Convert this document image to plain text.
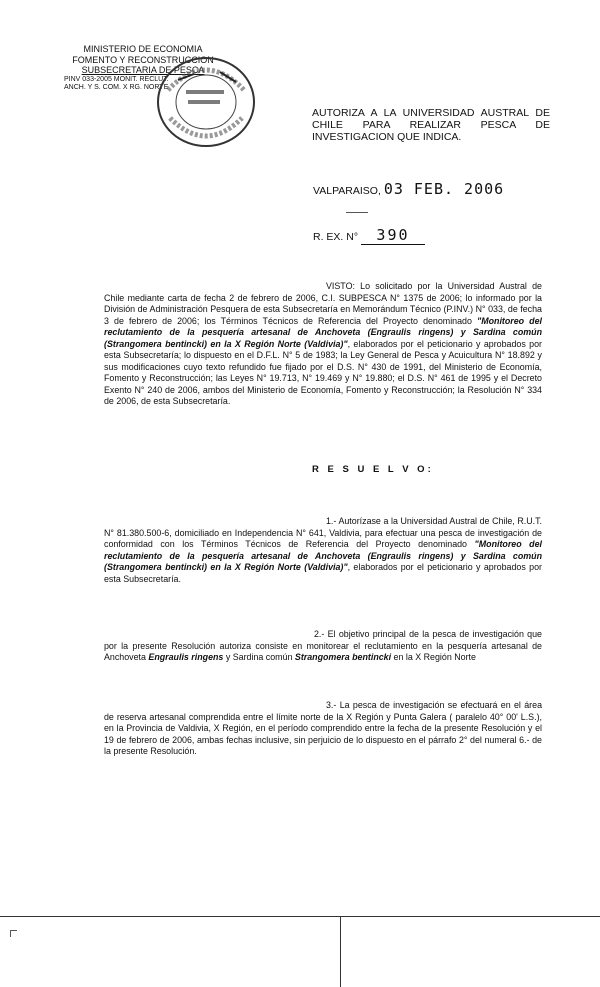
MINISTERIO DE ECONOMIA
FOMENTO Y RECONSTRUCCION
SUBSECRETARIA DE PESCA
PINV 033-2005 MONIT. RECLUT.
ANCH. Y S. COM. X RG. NORTE
AUTORIZA A LA UNIVERSIDAD AUSTRAL DE CHILE PARA REALIZAR PESCA DE INVESTIGACION QUE INDICA.
VALPARAISO, 03 FEB. 2006
R. EX. N° 390
VISTO: Lo solicitado por la Universidad Austral de Chile mediante carta de fecha 2 de febrero de 2006, C.I. SUBPESCA N° 1375 de 2006; lo informado por la División de Administración Pesquera de esta Subsecretaría en Memorándum Técnico (P.INV.) N° 033, de fecha 3 de febrero de 2006; los Términos Técnicos de Referencia del Proyecto denominado "Monitoreo del reclutamiento de la pesquería artesanal de Anchoveta (Engraulis ringens) y Sardina común (Strangomera bentincki) en la X Región Norte (Valdivia)", elaborados por el peticionario y aprobados por esta Subsecretaría; lo dispuesto en el D.F.L. N° 5 de 1983; la Ley General de Pesca y Acuicultura N° 18.892 y sus modificaciones cuyo texto refundido fue fijado por el D.S. N° 430 de 1991, del Ministerio de Economía, Fomento y Reconstrucción; las Leyes N° 19.713, N° 19.469 y N° 19.880; el D.S. N° 461 de 1995 y el Decreto Exento N° 240 de 2006, ambos del Ministerio de Economía, Fomento y Reconstrucción; la Resolución N° 334 de 2006, de esta Subsecretaría.
R E S U E L V O:
1.- Autorízase a la Universidad Austral de Chile, R.U.T. N° 81.380.500-6, domiciliado en Independencia N° 641, Valdivia, para efectuar una pesca de investigación de conformidad con los Términos Técnicos de Referencia del Proyecto denominado "Monitoreo del reclutamiento de la pesquería artesanal de Anchoveta (Engraulis ringens) y Sardina común (Strangomera bentincki) en la X Región Norte (Valdivia)", elaborados por el peticionario y aprobados por esta Subsecretaría.
2.- El objetivo principal de la pesca de investigación que por la presente Resolución autoriza consiste en monitorear el reclutamiento en la pesquería artesanal de Anchoveta Engraulis ringens y Sardina común Strangomera bentincki en la X Región Norte
3.- La pesca de investigación se efectuará en el área de reserva artesanal comprendida entre el límite norte de la X Región y Punta Galera ( paralelo 40° 00' L.S.), en la Provincia de Valdivia, X Región, en el período comprendido entre la fecha de la presente Resolución y el 19 de febrero de 2006, ambas fechas inclusive, sin perjuicio de lo dispuesto en el párrafo 2° del numeral 6.- de la presente Resolución.
